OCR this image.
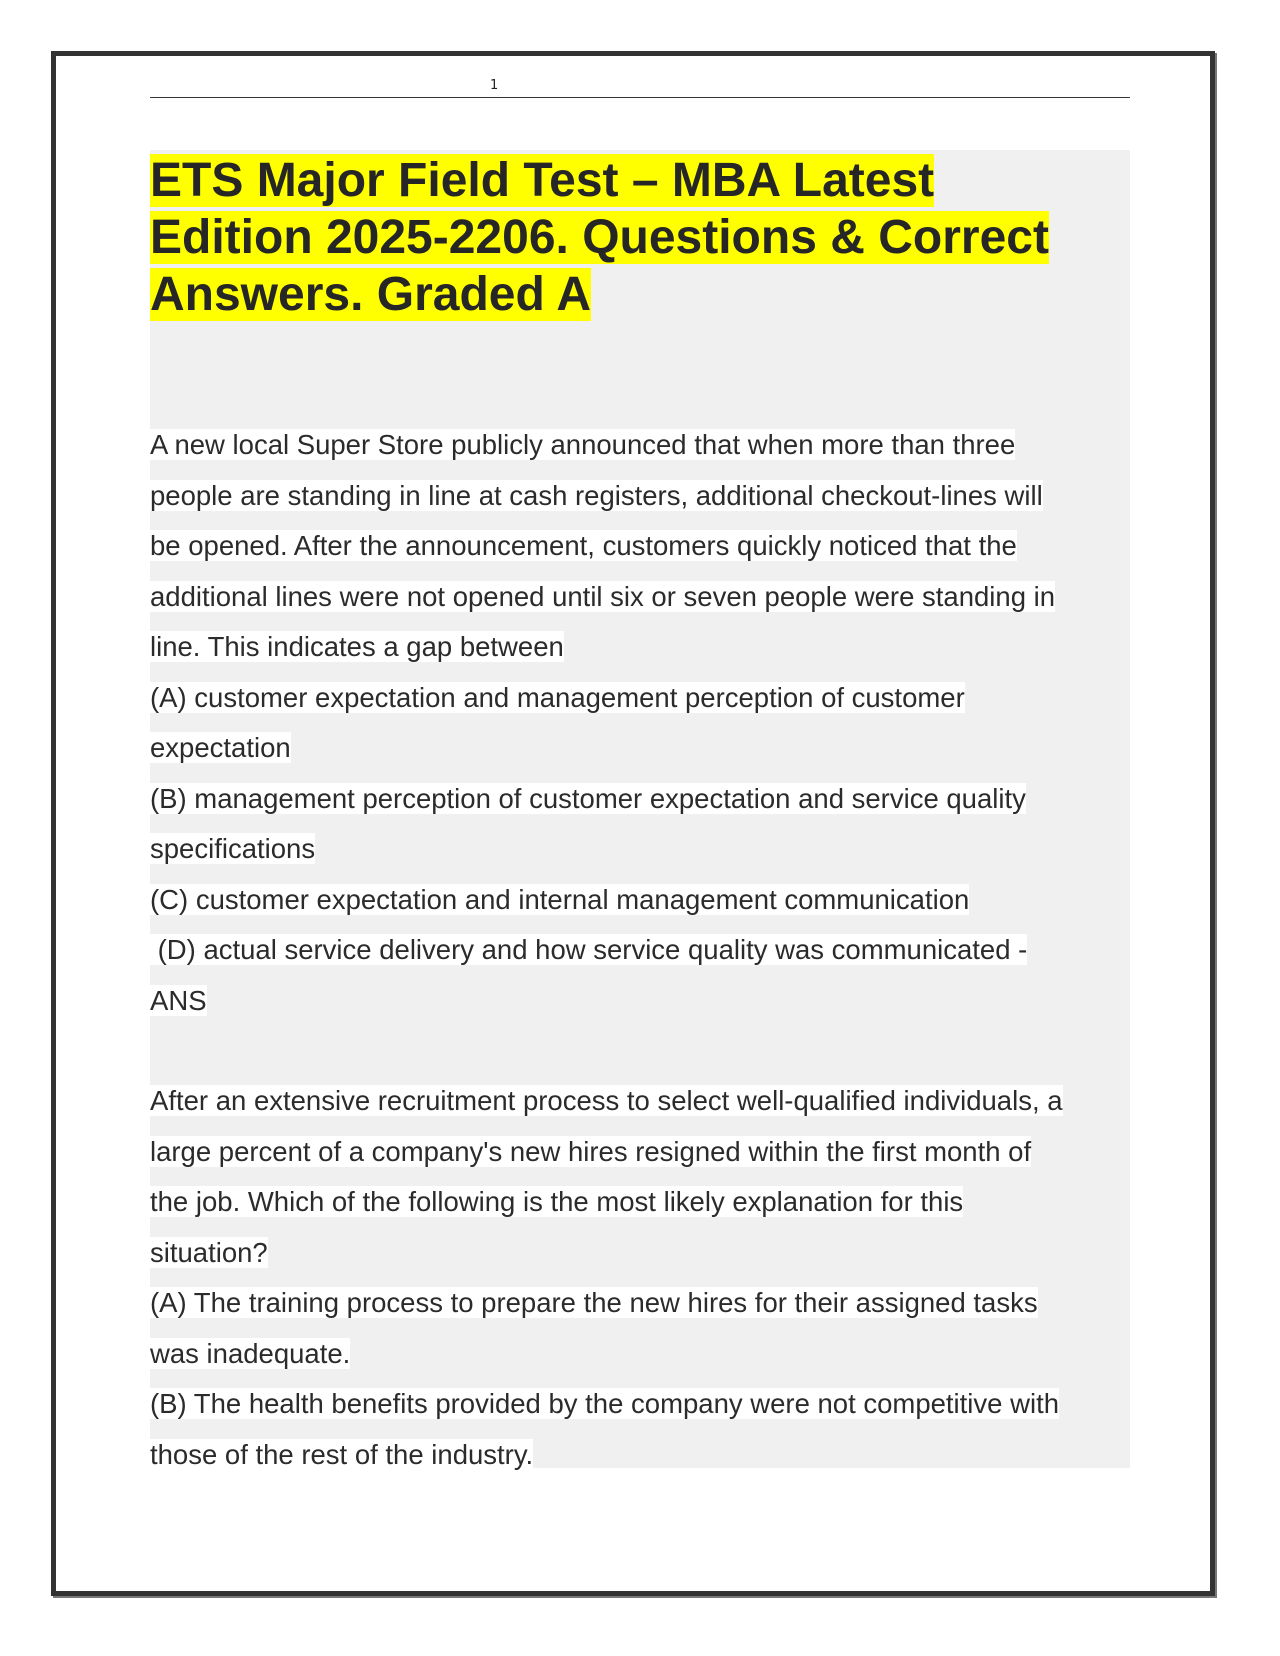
1
ETS Major Field Test – MBA Latest
Edition 2025-2206. Questions & Correct
Answers. Graded A
A new local Super Store publicly announced that when more than three
people are standing in line at cash registers, additional checkout-lines will
be opened. After the announcement, customers quickly noticed that the
additional lines were not opened until six or seven people were standing in
line. This indicates a gap between
(A) customer expectation and management perception of customer
expectation
(B) management perception of customer expectation and service quality
specifications
(C) customer expectation and internal management communication
(D) actual service delivery and how service quality was communicated -
ANS
After an extensive recruitment process to select well-qualified individuals, a
large percent of a company's new hires resigned within the first month of
the job. Which of the following is the most likely explanation for this
situation?
(A) The training process to prepare the new hires for their assigned tasks
was inadequate.
(B) The health benefits provided by the company were not competitive with
those of the rest of the industry.
